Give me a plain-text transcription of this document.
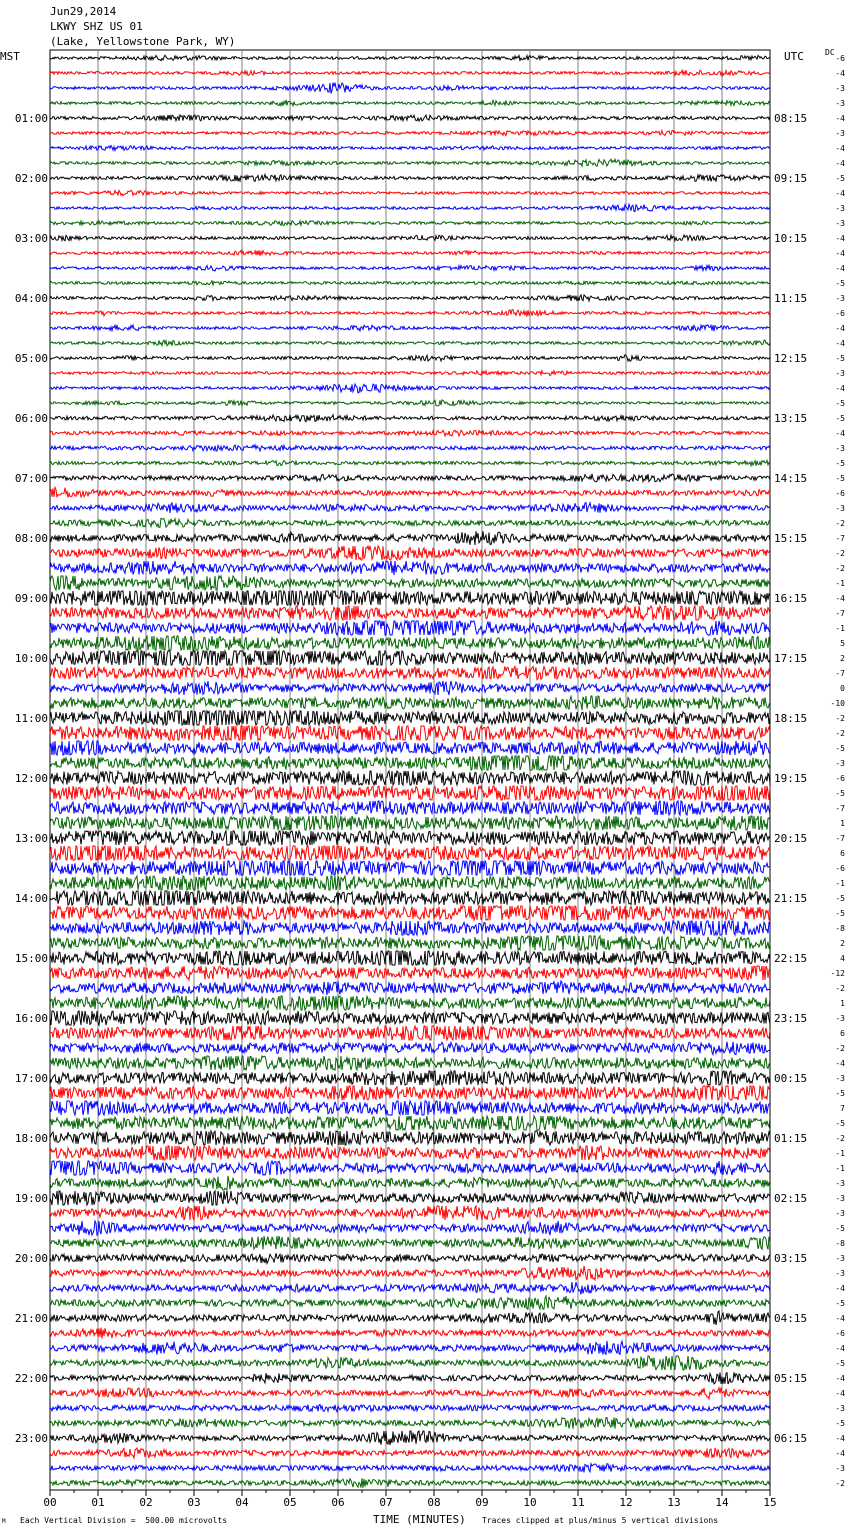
Jun29,2014
LKWY SHZ US 01
(Lake, Yellowstone Park, WY)
MST	UTC	DC
00	01	02	03	04	05	06	07	08	09	10	11	12	13	14	15
-6
-4
-3
-3
01:00	08:15	-4
-3
-4
-4
02:00	09:15	-5
-4
-3
-3
03:00	10:15	-4
-4
-4
-5
04:00	11:15	-3
-6
-4
-4
05:00	12:15	-5
-3
-4
-5
06:00	13:15	-5
-4
-3
-5
07:00	14:15	-5
-6
-3
-2
08:00	15:15	-7
-2
-2
-1
09:00	16:15	-4
-7
-1
5
10:00	17:15	2
-7
0
-10
11:00	18:15	-2
-2
-5
-3
12:00	19:15	-6
-5
-7
1
13:00	20:15	-7
6
-6
-1
14:00	21:15	-5
-5
-8
2
15:00	22:15	4
-12
-2
1
16:00	23:15	-3
6
-2
-4
17:00	00:15	-3
-5
7
-5
18:00	01:15	-2
-1
-1
-3
19:00	02:15	-3
-3
-5
-8
20:00	03:15	-3
-3
-4
-5
21:00	04:15	-4
-6
-4
-5
22:00	05:15	-4
-4
-3
-5
23:00	06:15	-4
-4
-3
-2
M Each Vertical Division =  500.00 microvolts	TIME (MINUTES) Traces clipped at plus/minus 5 vertical divisions
